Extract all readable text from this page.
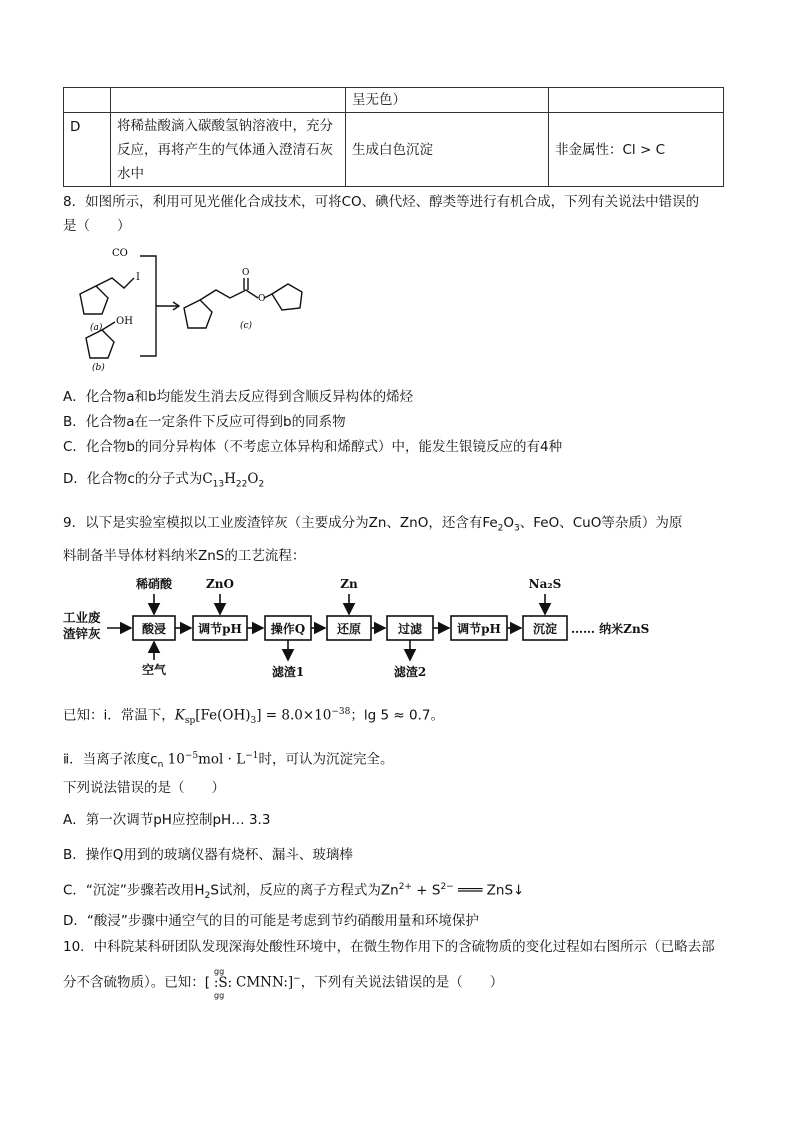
		呈无色）	
D	将稀盐酸滴入碳酸氢钠溶液中，充分
反应，再将产生的气体通入澄清石灰
水中	生成白色沉淀	非金属性：Cl > C
8．如图所示，利用可见光催化合成技术，可将CO、碘代烃、醇类等进行有机合成，下列有关说法中错误的
是（　　）
CO
I
OH
O
O
(a)
(b)
(c)
A．化合物a和b均能发生消去反应得到含顺反异构体的烯烃
B．化合物a在一定条件下反应可得到b的同系物
C．化合物b的同分异构体（不考虑立体异构和烯醇式）中，能发生银镜反应的有4种
D．化合物c的分子式为$C_{13}H_{22}O_2$
9．以下是实验室模拟以工业废渣锌灰（主要成分为Zn、ZnO，还含有$Fe_2O_3$、FeO、CuO等杂质）为原
料制备半导体材料纳米ZnS的工艺流程：
工业废
渣锌灰	酸浸	调节pH 操作Q	还原	过滤	调节pH	沉淀
稀硝酸	ZnO	Zn	Na₂S
空气	滤渣1	滤渣2
…… 纳米ZnS
已知：ⅰ．常温下，$K_{sp}[Fe(OH)_3] = 8.0\times 10^{-38}$；lg 5 ≈ 0.7。
ⅱ．当离子浓度$c_n$ $10^{-5}mol \cdot L^{-1}$时，可认为沉淀完全。
下列说法错误的是（　　）
A．第一次调节pH应控制pH… 3.3
B．操作Q用到的玻璃仪器有烧杯、漏斗、玻璃棒
C．“沉淀”步骤若改用$H_2S$试剂，反应的离子方程式为$Zn^{2+} + S^{2-}$ ═══ ZnS↓
D．“酸浸”步骤中通空气的目的可能是考虑到节约硝酸用量和环境保护
10．中科院某科研团队发现深海处酸性环境中，在微生物作用下的含硫物质的变化过程如右图所示（已略去部
分不含硫物质）。已知：[
gg
:S:
gg
CMNN:]−，下列有关说法错误的是（　　）
